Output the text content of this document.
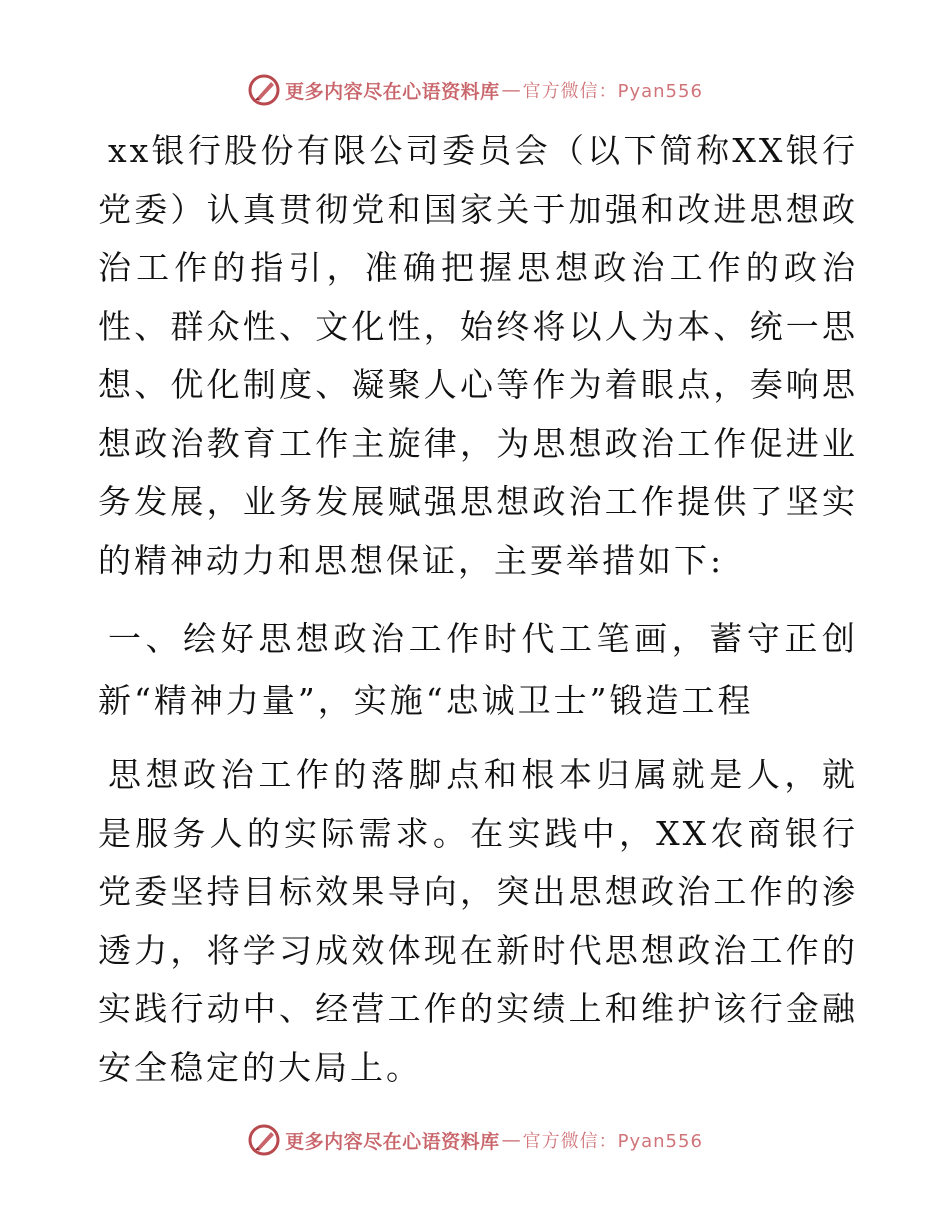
更多内容尽在心语资料库 — 官方微信：Pyan556

xx银行股份有限公司委员会（以下简称XX银行党委）认真贯彻党和国家关于加强和改进思想政治工作的指引，准确把握思想政治工作的政治性、群众性、文化性，始终将以人为本、统一思想、优化制度、凝聚人心等作为着眼点，奏响思想政治教育工作主旋律，为思想政治工作促进业务发展，业务发展赋强思想政治工作提供了坚实的精神动力和思想保证，主要举措如下:

一、绘好思想政治工作时代工笔画，蓄守正创新“精神力量”，实施“忠诚卫士”锻造工程

思想政治工作的落脚点和根本归属就是人，就是服务人的实际需求。在实践中，XX农商银行党委坚持目标效果导向，突出思想政治工作的渗透力，将学习成效体现在新时代思想政治工作的实践行动中、经营工作的实绩上和维护该行金融安全稳定的大局上。

更多内容尽在心语资料库 — 官方微信：Pyan556
